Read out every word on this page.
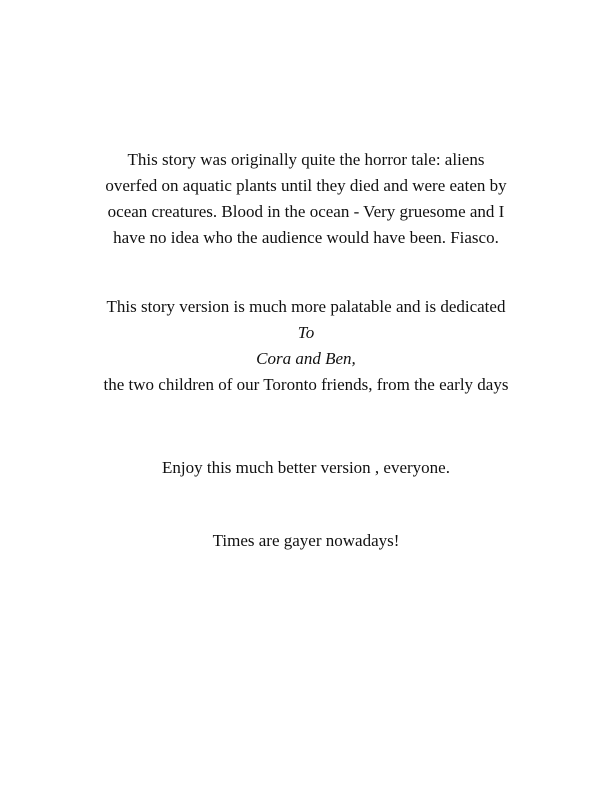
This story was originally quite the horror tale: aliens
overfed on aquatic plants until they died and were eaten by
ocean creatures. Blood in the ocean - Very gruesome and I
have no idea who the audience would have been. Fiasco.

This story version is much more palatable and is dedicated
To
Cora and Ben,
the two children of our Toronto friends, from the early days

Enjoy this much better version , everyone.

Times are gayer nowadays!
